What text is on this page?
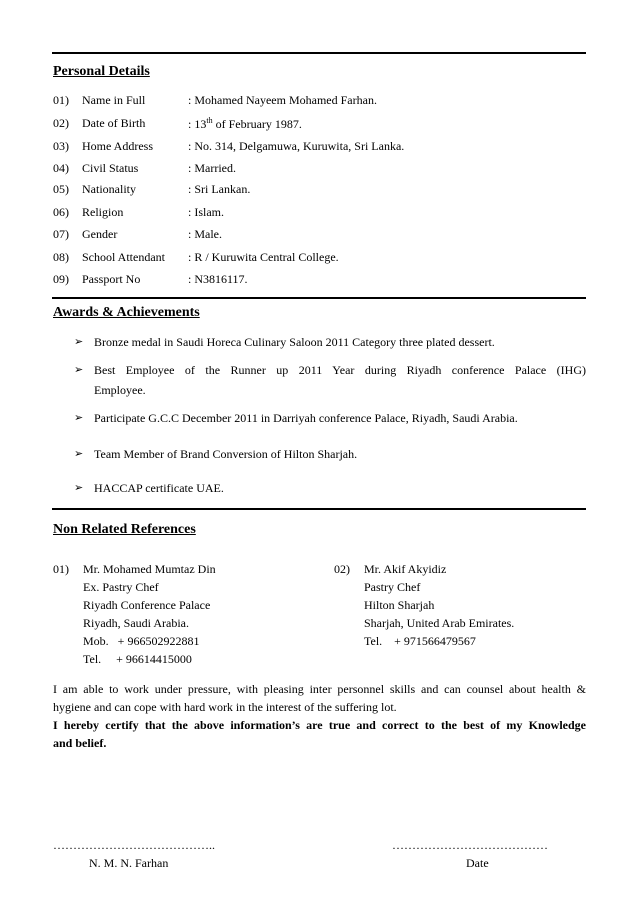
Personal Details
01) Name in Full	: Mohamed Nayeem Mohamed Farhan.
02) Date of Birth	: 13th of February 1987.
03) Home Address	: No. 314, Delgamuwa, Kuruwita, Sri Lanka.
04) Civil Status	: Married.
05) Nationality	: Sri Lankan.
06) Religion	: Islam.
07) Gender	: Male.
08) School Attendant : R / Kuruwita Central College.
09) Passport No	: N3816117.
Awards & Achievements
➢ Bronze medal in Saudi Horeca Culinary Saloon 2011 Category three plated dessert.
➢ Best Employee of the Runner up 2011 Year during Riyadh conference Palace (IHG)
Employee.
➢ Participate G.C.C December 2011 in Darriyah conference Palace, Riyadh, Saudi Arabia.
➢ Team Member of Brand Conversion of Hilton Sharjah.
➢ HACCAP certificate UAE.
Non Related References
01) Mr. Mohamed Mumtaz Din
Ex. Pastry Chef
Riyadh Conference Palace
Riyadh, Saudi Arabia.
Mob.   + 966502922881
Tel.     + 96614415000
02) Mr. Akif Akyidiz
Pastry Chef
Hilton Sharjah
Sharjah, United Arab Emirates.
Tel.    + 971566479567
I am able to work under pressure, with pleasing inter personnel skills and can counsel about health &
hygiene and can cope with hard work in the interest of the suffering lot.
I hereby certify that the above information’s are true and correct to the best of my Knowledge
and belief.
…………………………………..
N. M. N. Farhan
…………………………………
Date
